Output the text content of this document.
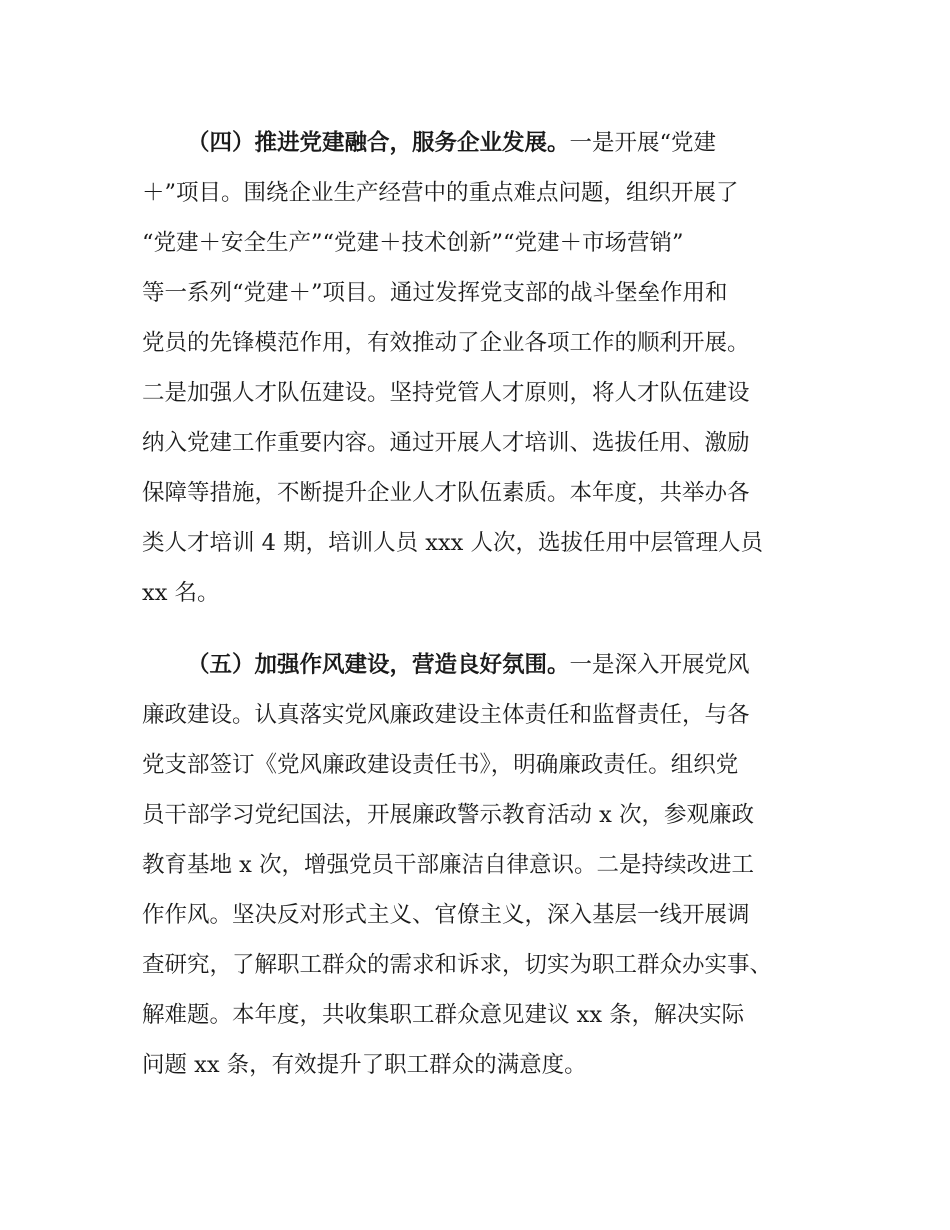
（四）推进党建融合，服务企业发展。一是开展“党建
＋”项目。围绕企业生产经营中的重点难点问题，组织开展了
“党建＋安全生产”“党建＋技术创新”“党建＋市场营销”
等一系列“党建＋”项目。通过发挥党支部的战斗堡垒作用和
党员的先锋模范作用，有效推动了企业各项工作的顺利开展。
二是加强人才队伍建设。坚持党管人才原则，将人才队伍建设
纳入党建工作重要内容。通过开展人才培训、选拔任用、激励
保障等措施，不断提升企业人才队伍素质。本年度，共举办各
类人才培训 4 期，培训人员 xxx 人次，选拔任用中层管理人员
xx 名。
（五）加强作风建设，营造良好氛围。一是深入开展党风
廉政建设。认真落实党风廉政建设主体责任和监督责任，与各
党支部签订《党风廉政建设责任书》，明确廉政责任。组织党
员干部学习党纪国法，开展廉政警示教育活动 x 次，参观廉政
教育基地 x 次，增强党员干部廉洁自律意识。二是持续改进工
作作风。坚决反对形式主义、官僚主义，深入基层一线开展调
查研究，了解职工群众的需求和诉求，切实为职工群众办实事、
解难题。本年度，共收集职工群众意见建议 xx 条，解决实际
问题 xx 条，有效提升了职工群众的满意度。
